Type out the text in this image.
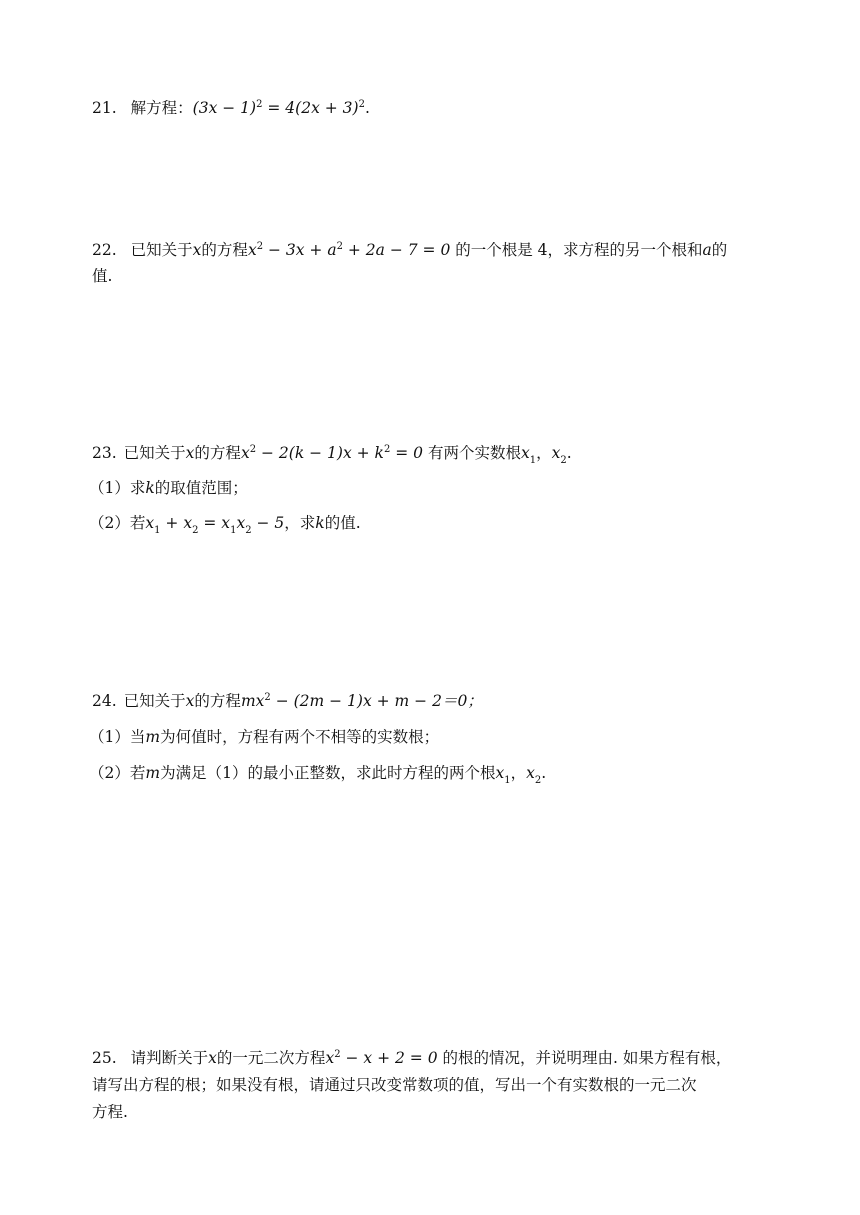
21. 解方程：$(3x - 1)^2 = 4(2x + 3)^2$.
22. 已知关于x的方程$x^2 - 3x + a^2 + 2a - 7 = 0$ 的一个根是 4，求方程的另一个根和a的
值.
23. 已知关于x的方程$x^2 - 2(k - 1)x + k^2 = 0$ 有两个实数根$x_1$，$x_2$.
（1）求k的取值范围；
（2）若$x_1 + x_2 = x_1x_2 - 5$，求k的值.
24. 已知关于x的方程$mx^2 - (2m - 1)x + m - 2=0$；
（1）当m为何值时，方程有两个不相等的实数根；
（2）若m为满足（1）的最小正整数，求此时方程的两个根$x_1$，$x_2$.
25. 请判断关于x的一元二次方程$x^2 - x + 2 = 0$ 的根的情况，并说明理由. 如果方程有根，
请写出方程的根；如果没有根，请通过只改变常数项的值，写出一个有实数根的一元二次
方程.
